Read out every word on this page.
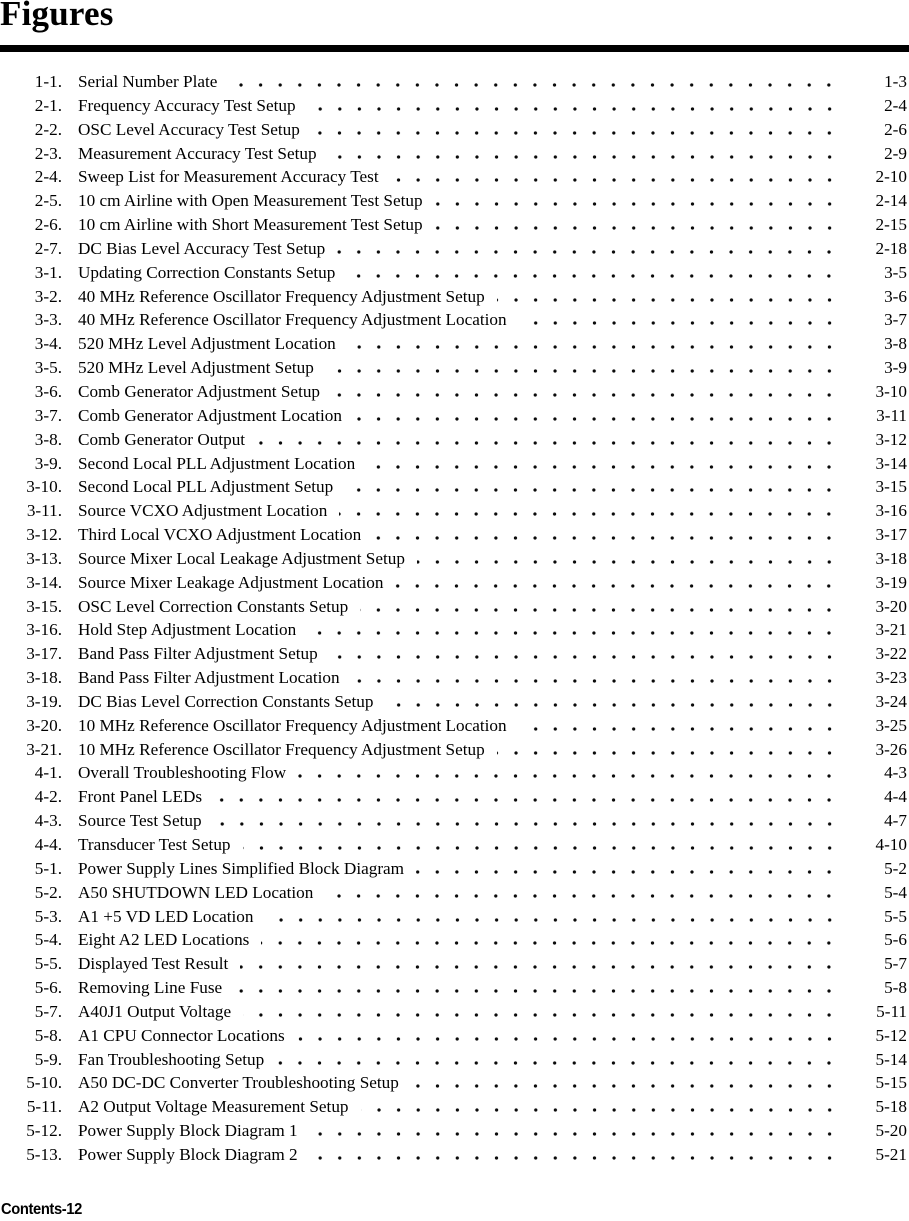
Figures
1-1. Serial Number Plate	1-3
2-1. Frequency Accuracy Test Setup	2-4
2-2. OSC Level Accuracy Test Setup	2-6
2-3. Measurement Accuracy Test Setup	2-9
2-4. Sweep List for Measurement Accuracy Test	2-10
2-5. 10 cm Airline with Open Measurement Test Setup	2-14
2-6. 10 cm Airline with Short Measurement Test Setup	2-15
2-7. DC Bias Level Accuracy Test Setup	2-18
3-1. Updating Correction Constants Setup	3-5
3-2. 40 MHz Reference Oscillator Frequency Adjustment Setup	3-6
3-3. 40 MHz Reference Oscillator Frequency Adjustment Location	3-7
3-4. 520 MHz Level Adjustment Location	3-8
3-5. 520 MHz Level Adjustment Setup	3-9
3-6. Comb Generator Adjustment Setup	3-10
3-7. Comb Generator Adjustment Location	3-11
3-8. Comb Generator Output	3-12
3-9. Second Local PLL Adjustment Location	3-14
3-10. Second Local PLL Adjustment Setup	3-15
3-11. Source VCXO Adjustment Location	3-16
3-12. Third Local VCXO Adjustment Location	3-17
3-13. Source Mixer Local Leakage Adjustment Setup	3-18
3-14. Source Mixer Leakage Adjustment Location	3-19
3-15. OSC Level Correction Constants Setup	3-20
3-16. Hold Step Adjustment Location	3-21
3-17. Band Pass Filter Adjustment Setup	3-22
3-18. Band Pass Filter Adjustment Location	3-23
3-19. DC Bias Level Correction Constants Setup	3-24
3-20. 10 MHz Reference Oscillator Frequency Adjustment Location	3-25
3-21. 10 MHz Reference Oscillator Frequency Adjustment Setup	3-26
4-1. Overall Troubleshooting Flow	4-3
4-2. Front Panel LEDs	4-4
4-3. Source Test Setup	4-7
4-4. Transducer Test Setup	4-10
5-1. Power Supply Lines Simplified Block Diagram	5-2
5-2. A50 SHUTDOWN LED Location	5-4
5-3. A1 +5 VD LED Location	5-5
5-4. Eight A2 LED Locations	5-6
5-5. Displayed Test Result	5-7
5-6. Removing Line Fuse	5-8
5-7. A40J1 Output Voltage	5-11
5-8. A1 CPU Connector Locations	5-12
5-9. Fan Troubleshooting Setup	5-14
5-10. A50 DC-DC Converter Troubleshooting Setup	5-15
5-11. A2 Output Voltage Measurement Setup	5-18
5-12. Power Supply Block Diagram 1	5-20
5-13. Power Supply Block Diagram 2	5-21
Contents-12
